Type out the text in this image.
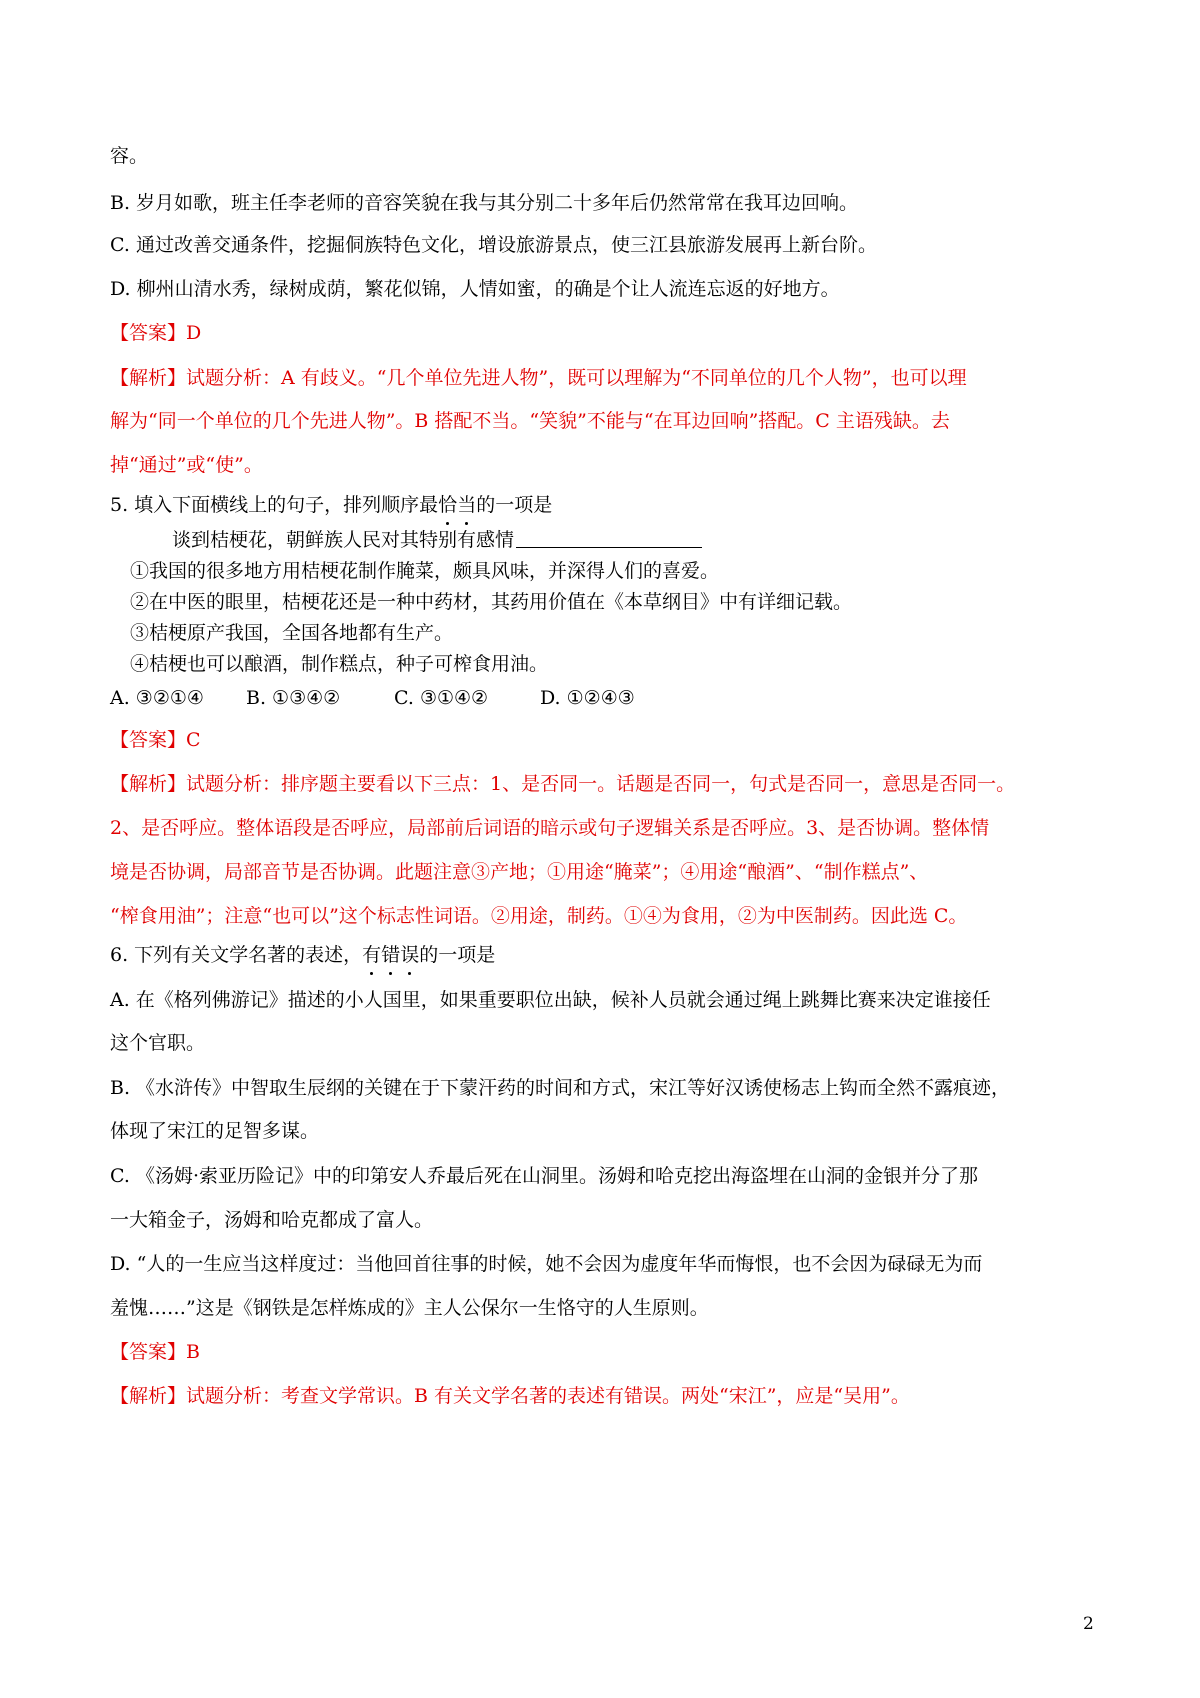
容。
B. 岁月如歌，班主任李老师的音容笑貌在我与其分别二十多年后仍然常常在我耳边回响。
C. 通过改善交通条件，挖掘侗族特色文化，增设旅游景点，使三江县旅游发展再上新台阶。
D. 柳州山清水秀，绿树成荫，繁花似锦，人情如蜜，的确是个让人流连忘返的好地方。
【答案】D
【解析】试题分析：A 有歧义。“几个单位先进人物”，既可以理解为“不同单位的几个人物”，也可以理
解为“同一个单位的几个先进人物”。B 搭配不当。“笑貌”不能与“在耳边回响”搭配。C 主语残缺。去
掉“通过”或“使”。
5. 填入下面横线上的句子，排列顺序最恰当的一项是
谈到桔梗花，朝鲜族人民对其特别有感情
①我国的很多地方用桔梗花制作腌菜，颇具风味，并深得人们的喜爱。
②在中医的眼里，桔梗花还是一种中药材，其药用价值在《本草纲目》中有详细记载。
③桔梗原产我国，全国各地都有生产。
④桔梗也可以酿酒，制作糕点，种子可榨食用油。
A. ③②①④ B. ①③④②	C. ③①④②	D. ①②④③
【答案】C
【解析】试题分析：排序题主要看以下三点：1、是否同一。话题是否同一，句式是否同一，意思是否同一。
2、是否呼应。整体语段是否呼应，局部前后词语的暗示或句子逻辑关系是否呼应。3、是否协调。整体情
境是否协调，局部音节是否协调。此题注意③产地；①用途“腌菜”；④用途“酿酒”、“制作糕点”、
“榨食用油”；注意“也可以”这个标志性词语。②用途，制药。①④为食用，②为中医制药。因此选 C。
6. 下列有关文学名著的表述，有错误的一项是
A. 在《格列佛游记》描述的小人国里，如果重要职位出缺，候补人员就会通过绳上跳舞比赛来决定谁接任
这个官职。
B. 《水浒传》中智取生辰纲的关键在于下蒙汗药的时间和方式，宋江等好汉诱使杨志上钩而全然不露痕迹，
体现了宋江的足智多谋。
C. 《汤姆·索亚历险记》中的印第安人乔最后死在山洞里。汤姆和哈克挖出海盗埋在山洞的金银并分了那
一大箱金子，汤姆和哈克都成了富人。
D. “人的一生应当这样度过：当他回首往事的时候，她不会因为虚度年华而悔恨，也不会因为碌碌无为而
羞愧……”这是《钢铁是怎样炼成的》主人公保尔一生恪守的人生原则。
【答案】B
【解析】试题分析：考查文学常识。B 有关文学名著的表述有错误。两处“宋江”，应是“吴用”。
2
